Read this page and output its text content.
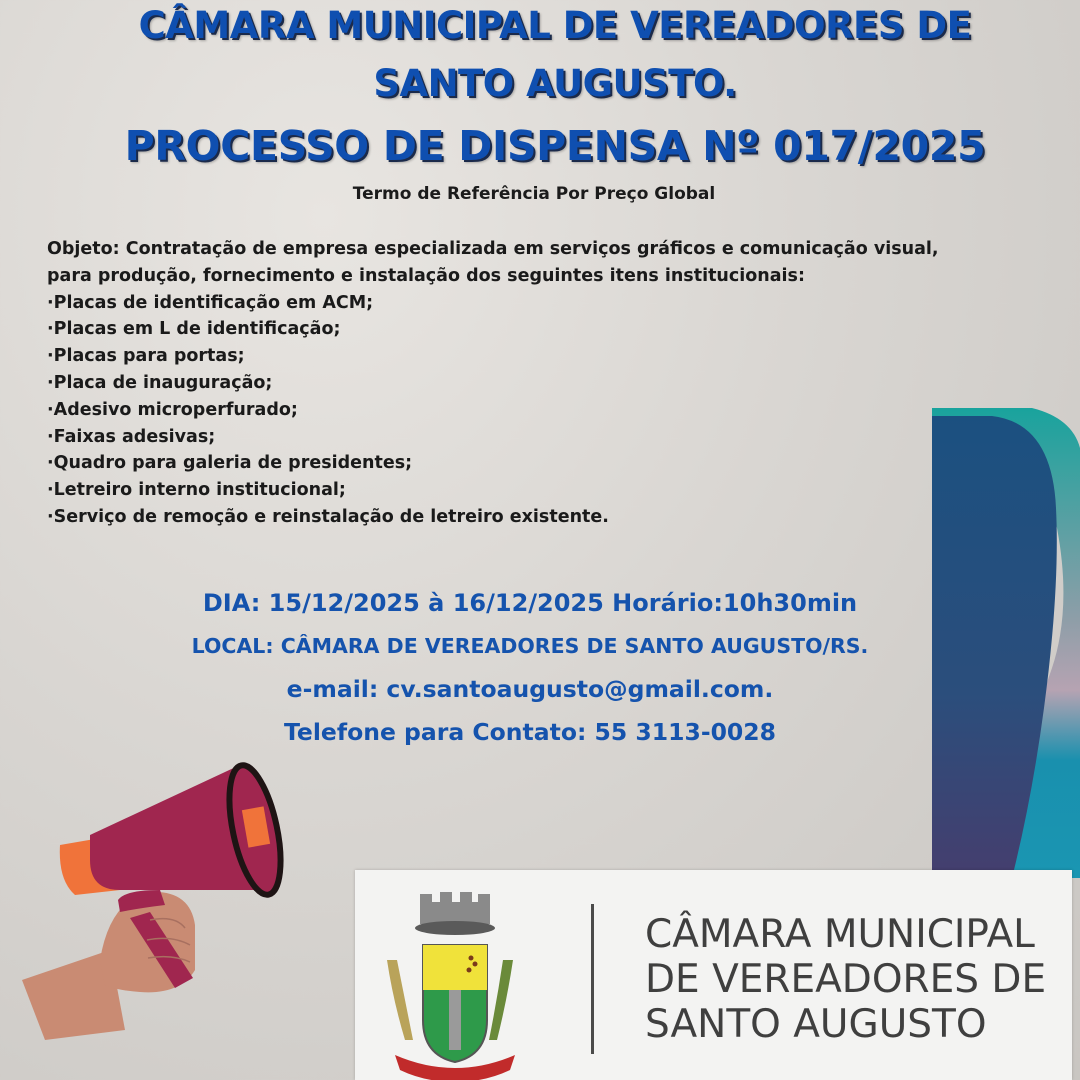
CÂMARA MUNICIPAL DE VEREADORES DE
SANTO AUGUSTO.
PROCESSO DE DISPENSA Nº 017/2025
Termo de Referência Por Preço Global
Objeto: Contratação de empresa especializada em serviços gráficos e comunicação visual,
para produção, fornecimento e instalação dos seguintes itens institucionais:
· Placas de identificação em ACM;
· Placas em L de identificação;
· Placas para portas;
· Placa de inauguração;
· Adesivo microperfurado;
· Faixas adesivas;
· Quadro para galeria de presidentes;
· Letreiro interno institucional;
· Serviço de remoção e reinstalação de letreiro existente.
DIA: 15/12/2025 à 16/12/2025 Horário:10h30min
LOCAL: CÂMARA DE VEREADORES DE SANTO AUGUSTO/RS.
e-mail: cv.santoaugusto@gmail.com.
Telefone para Contato: 55 3113-0028
CÂMARA MUNICIPAL
DE VEREADORES DE
SANTO AUGUSTO
